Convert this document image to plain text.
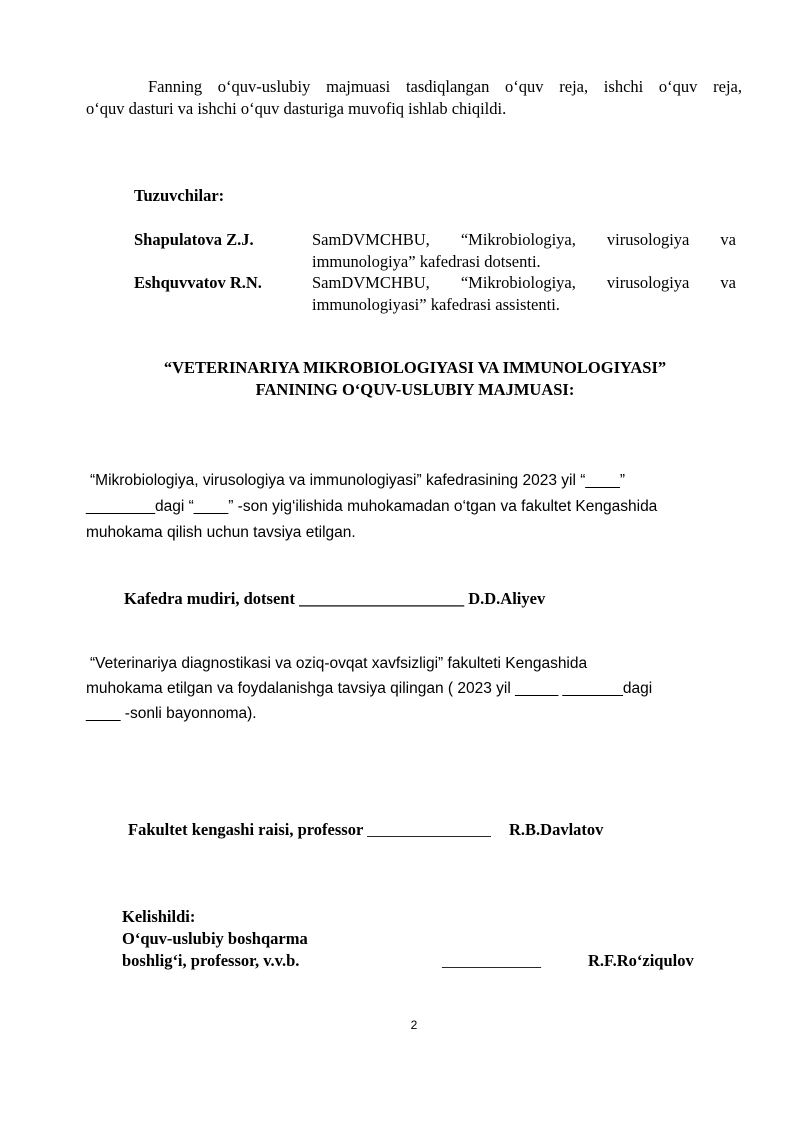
Fanning o‘quv-uslubiy majmuasi tasdiqlangan o‘quv reja, ishchi o‘quv reja,
o‘quv dasturi va ishchi o‘quv dasturiga muvofiq ishlab chiqildi.
Tuzuvchilar:
Shapulatova Z.J.	SamDVMCHBU, “Mikrobiologiya, virusologiya va
immunologiya” kafedrasi dotsenti.
Eshquvvatov R.N.	SamDVMCHBU, “Mikrobiologiya, virusologiya va
immunologiyasi” kafedrasi assistenti.
“VETERINARIYA MIKROBIOLOGIYASI VA IMMUNOLOGIYASI”
FANINING O‘QUV-USLUBIY MAJMUASI:
“Mikrobiologiya, virusologiya va immunologiyasi” kafedrasining 2023 yil “____”
________dagi “____” -son yig‘ilishida muhokamadan o‘tgan va fakultet Kengashida
muhokama qilish uchun tavsiya etilgan.
Kafedra mudiri, dotsent ____________________ D.D.Aliyev
“Veterinariya diagnostikasi va oziq-ovqat xavfsizligi” fakulteti Kengashida
muhokama etilgan va foydalanishga tavsiya qilingan ( 2023 yil _____ _______dagi
____ -sonli bayonnoma).
Fakultet kengashi raisi, professor _______________ R.B.Davlatov
Kelishildi:
O‘quv-uslubiy boshqarma
boshlig‘i, professor, v.v.b.	____________	R.F.Ro‘ziqulov
2
